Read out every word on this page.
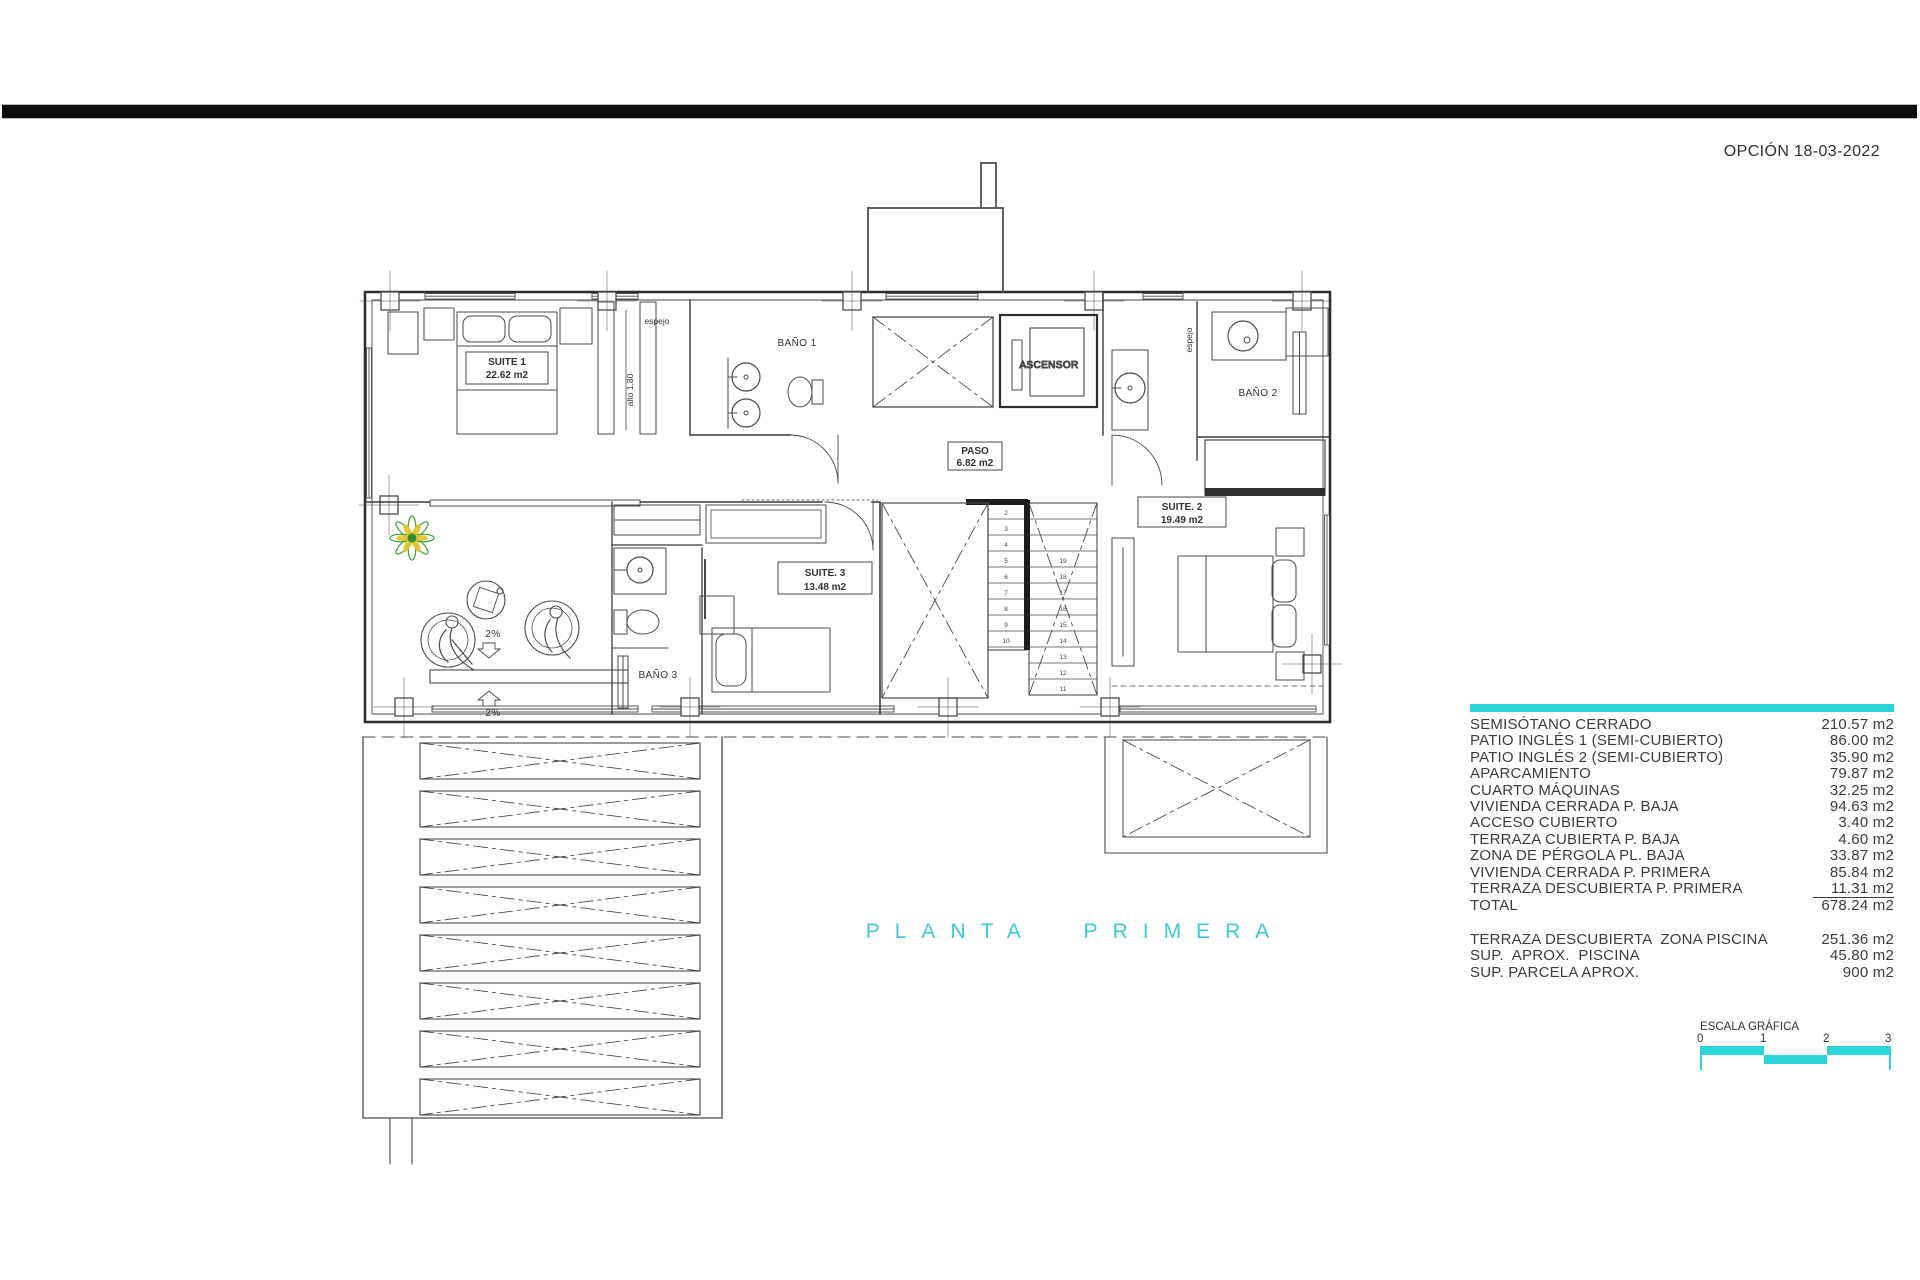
OPCIÓN 18-03-2022
ASCENSOR
2
3
4
5
6
7
8
9
10
11
12
13
14
15
16
17
18
19
SUITE 1
22.62 m2
PASO
6.82 m2
SUITE. 2
19.49 m2
SUITE. 3
13.48 m2
BAÑO 1
BAÑO 2
BAÑO 3
espejo
espejo
alto 1.80
2%
2%
SEMISÓTANO CERRADO	210.57 m2
PATIO INGLÉS 1 (SEMI-CUBIERTO)	86.00 m2
PATIO INGLÉS 2 (SEMI-CUBIERTO)	35.90 m2
APARCAMIENTO	79.87 m2
CUARTO MÁQUINAS	32.25 m2
VIVIENDA CERRADA P. BAJA	94.63 m2
ACCESO CUBIERTO	3.40 m2
TERRAZA CUBIERTA P. BAJA	4.60 m2
ZONA DE PÉRGOLA PL. BAJA	33.87 m2
VIVIENDA CERRADA P. PRIMERA	85.84 m2
TERRAZA DESCUBIERTA P. PRIMERA	11.31 m2
TOTAL	678.24 m2
TERRAZA DESCUBIERTA  ZONA PISCINA	251.36 m2
SUP.  APROX.  PISCINA	45.80 m2
SUP. PARCELA APROX.	900 m2
PLANTA PRIMERA
ESCALA GRÁFICA
0	1	2	3
